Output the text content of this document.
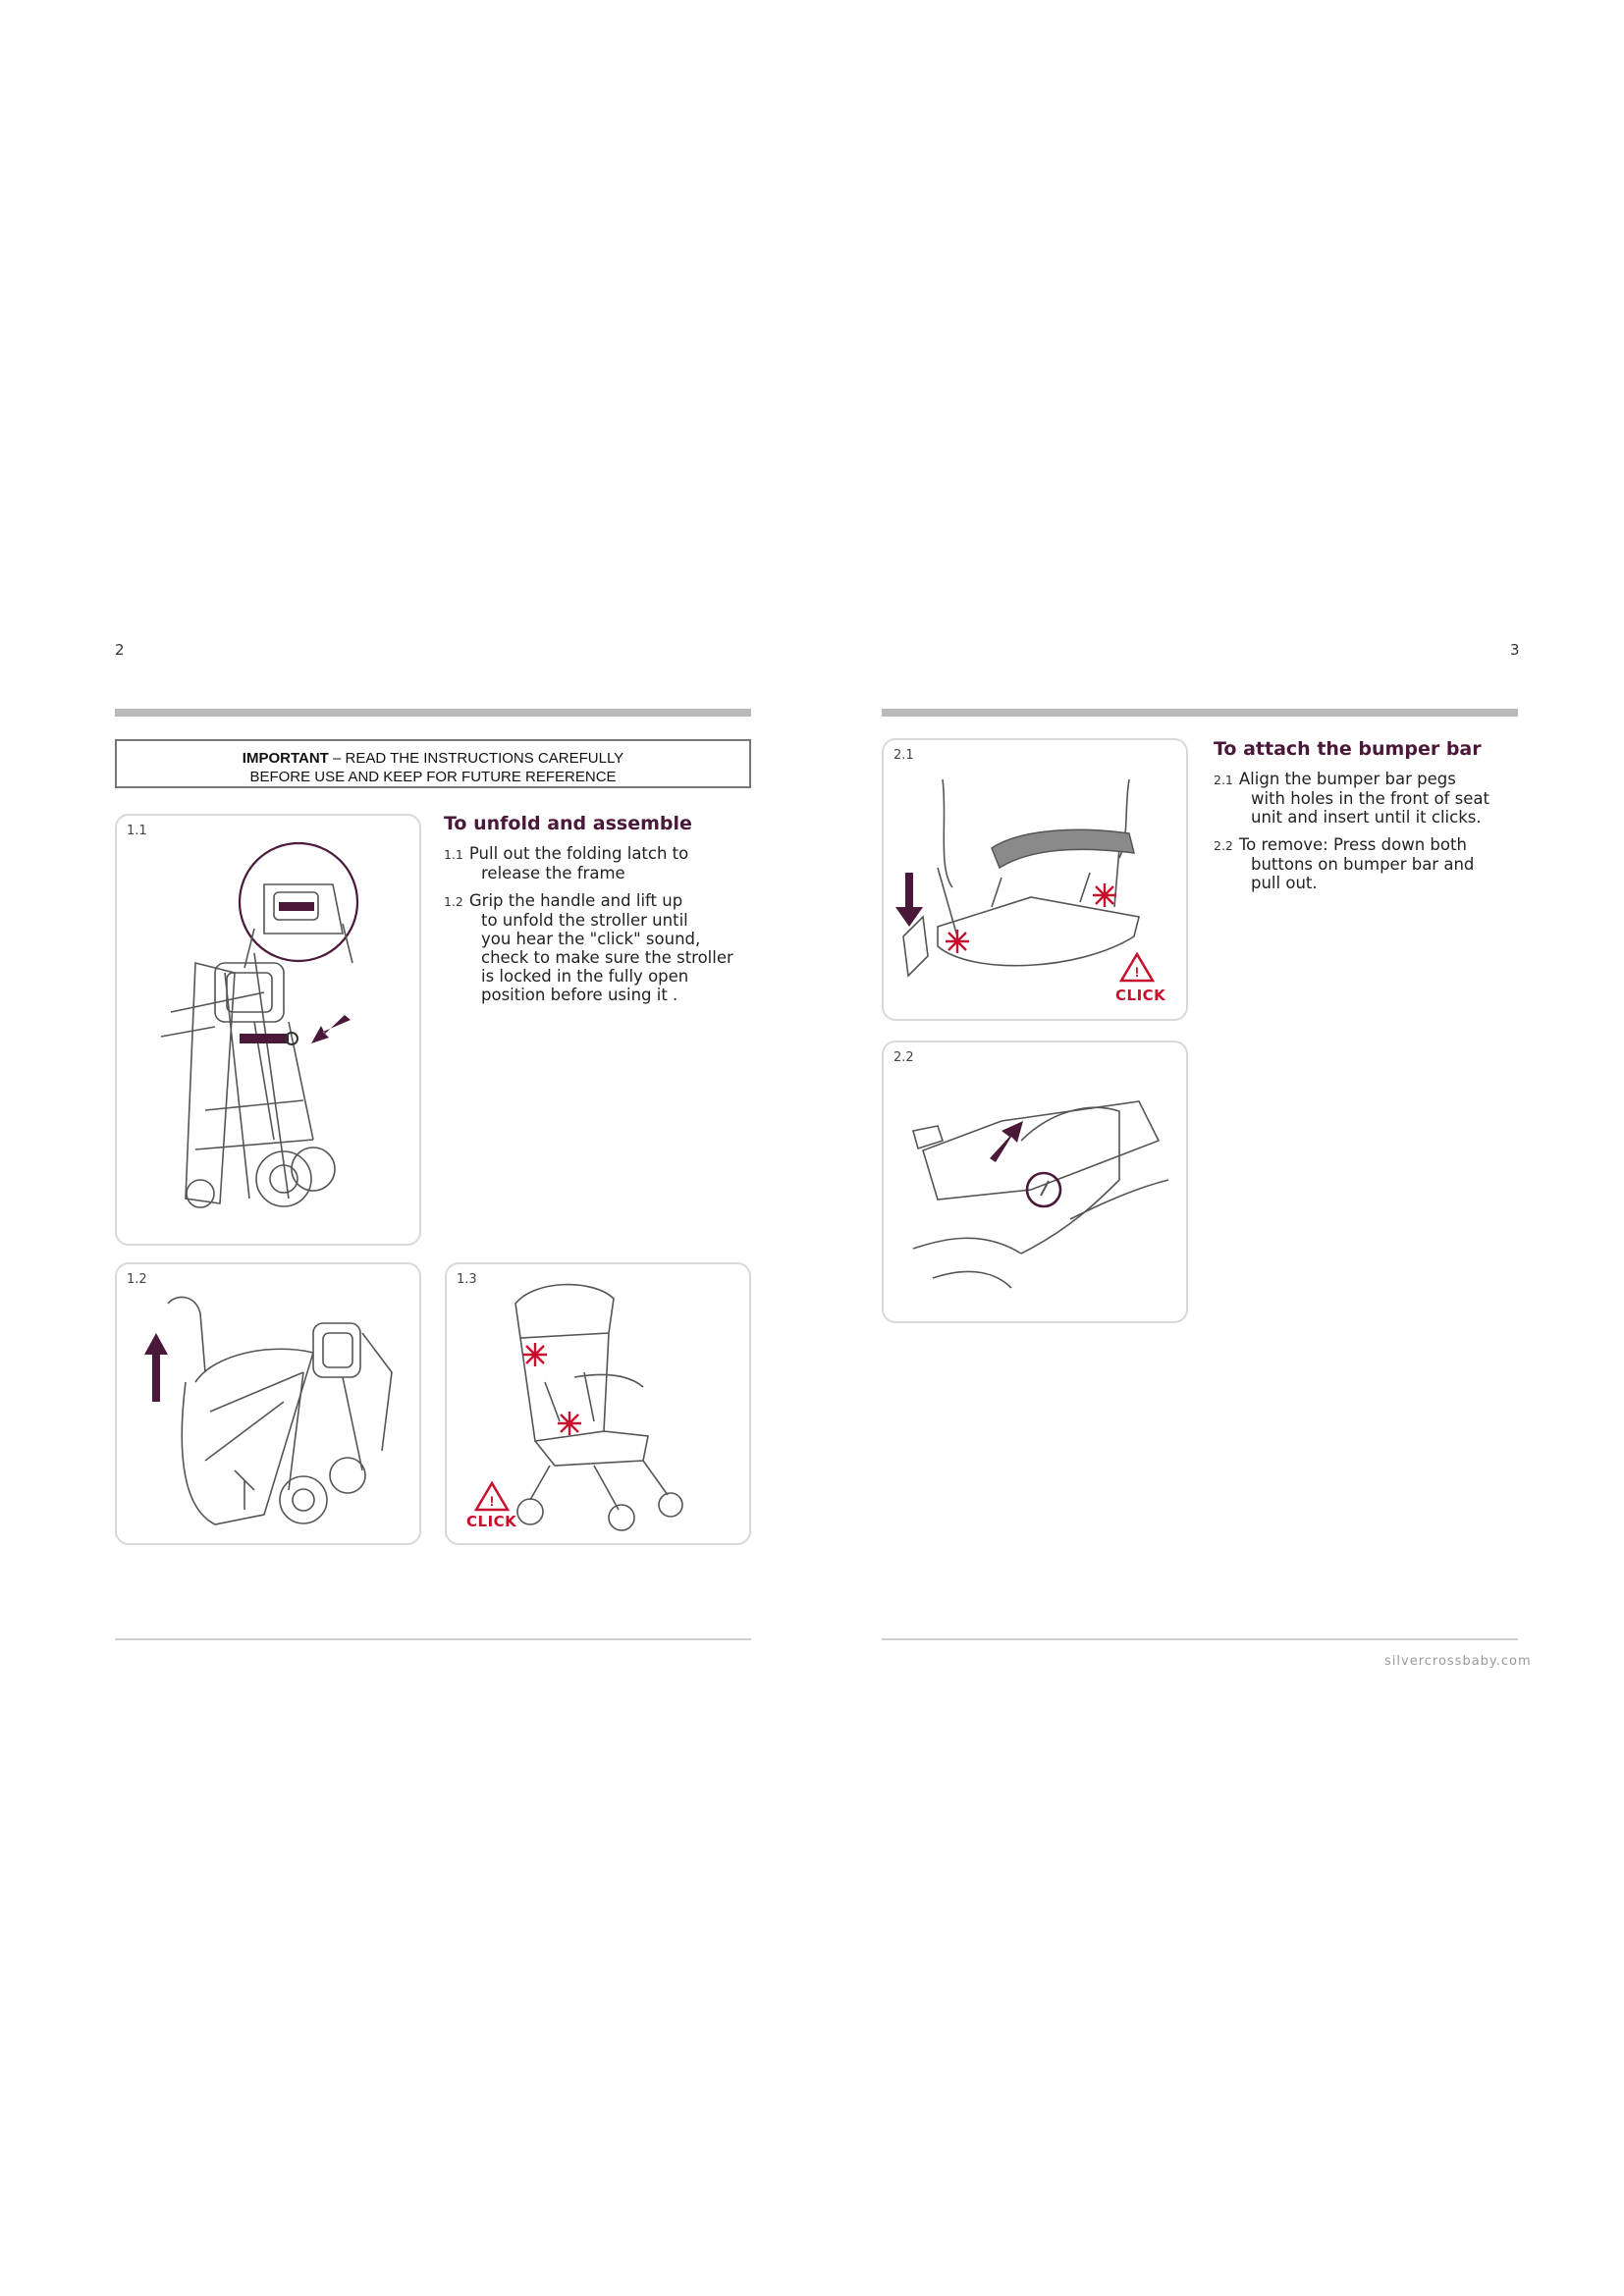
2
IMPORTANT – READ THE INSTRUCTIONS CAREFULLY
BEFORE USE AND KEEP FOR FUTURE REFERENCE
1.1	To unfold and assemble
1.1 Pull out the folding latch to
release the frame
1.2 Grip the handle and lift up
to unfold the stroller until
you hear the "click" sound,
check to make sure the stroller
is locked in the fully open
position before using it .
1.2	1.3
!
CLICK
3
2.1
!
CLICK
To attach the bumper bar
2.1 Align the bumper bar pegs
with holes in the front of seat
unit and insert until it clicks.
2.2 To remove: Press down both
buttons on bumper bar and
pull out.
2.2
silvercrossbaby.com
